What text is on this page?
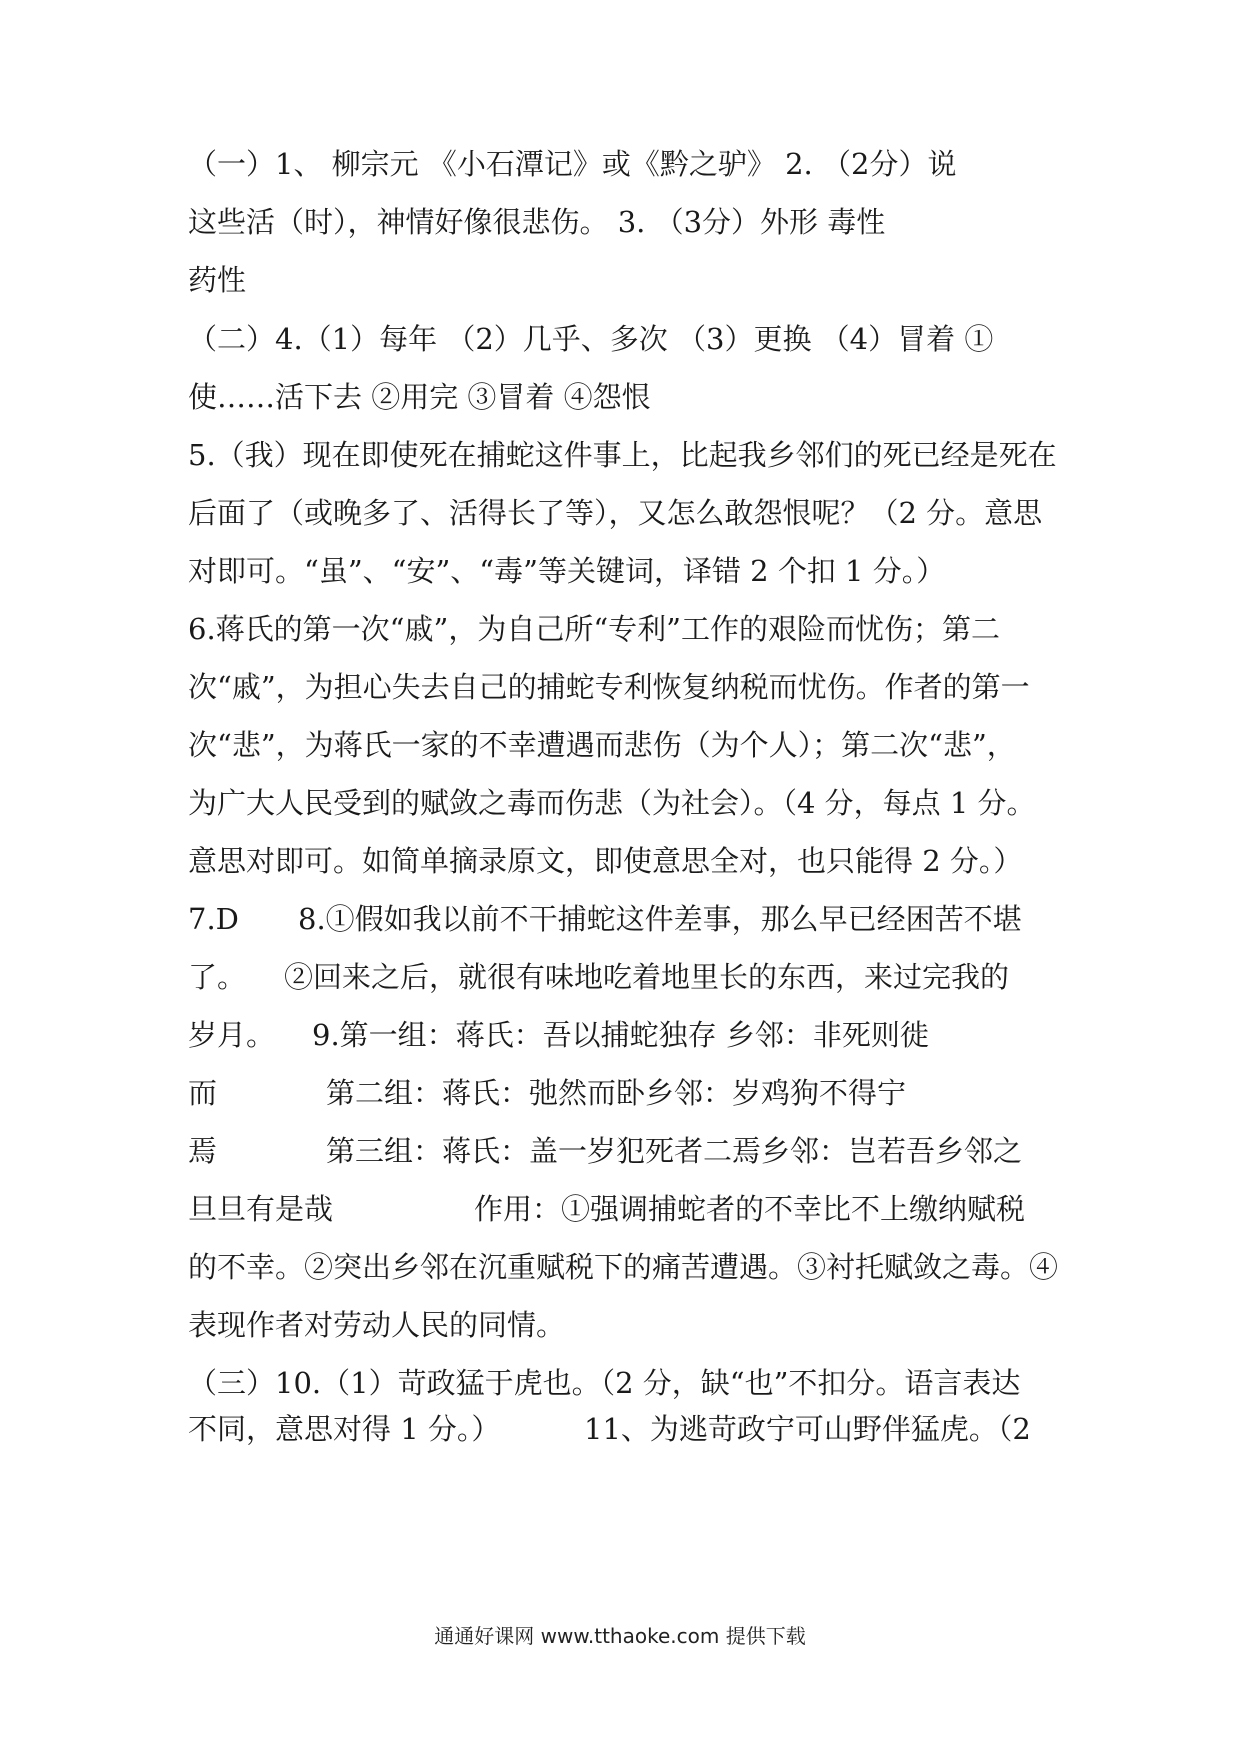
（一）1、 柳宗元 《小石潭记》或《黔之驴》 2. （2分）说
这些活（时），神情好像很悲伤。 3. （3分）外形 毒性
药性
（二）4.（1）每年 （2）几乎、多次 （3）更换 （4）冒着 ①
使……活下去 ②用完 ③冒着 ④怨恨
5.（我）现在即使死在捕蛇这件事上，比起我乡邻们的死已经是死在
后面了（或晚多了、活得长了等），又怎么敢怨恨呢？（2 分。意思
对即可。“虽”、“安”、“毒”等关键词，译错 2 个扣 1 分。）
6.蒋氏的第一次“戚”，为自己所“专利”工作的艰险而忧伤；第二
次“戚”，为担心失去自己的捕蛇专利恢复纳税而忧伤。作者的第一
次“悲”，为蒋氏一家的不幸遭遇而悲伤（为个人）；第二次“悲”，
为广大人民受到的赋敛之毒而伤悲（为社会）。（4 分，每点 1 分。
意思对即可。如简单摘录原文，即使意思全对，也只能得 2 分。）
7.D 8.①假如我以前不干捕蛇这件差事，那么早已经困苦不堪
了。 ②回来之后，就很有味地吃着地里长的东西，来过完我的
岁月。 9.第一组：蒋氏：吾以捕蛇独存 乡邻：非死则徙
而	第二组：蒋氏：弛然而卧乡邻：岁鸡狗不得宁
焉	第三组：蒋氏：盖一岁犯死者二焉乡邻：岂若吾乡邻之
旦旦有是哉	作用：①强调捕蛇者的不幸比不上缴纳赋税
的不幸。②突出乡邻在沉重赋税下的痛苦遭遇。③衬托赋敛之毒。④
表现作者对劳动人民的同情。
（三）10.（1）苛政猛于虎也。（2 分，缺“也”不扣分。语言表达
不同，意思对得 1 分。）	11、为逃苛政宁可山野伴猛虎。（2
通通好课网 www.tthaoke.com 提供下载
